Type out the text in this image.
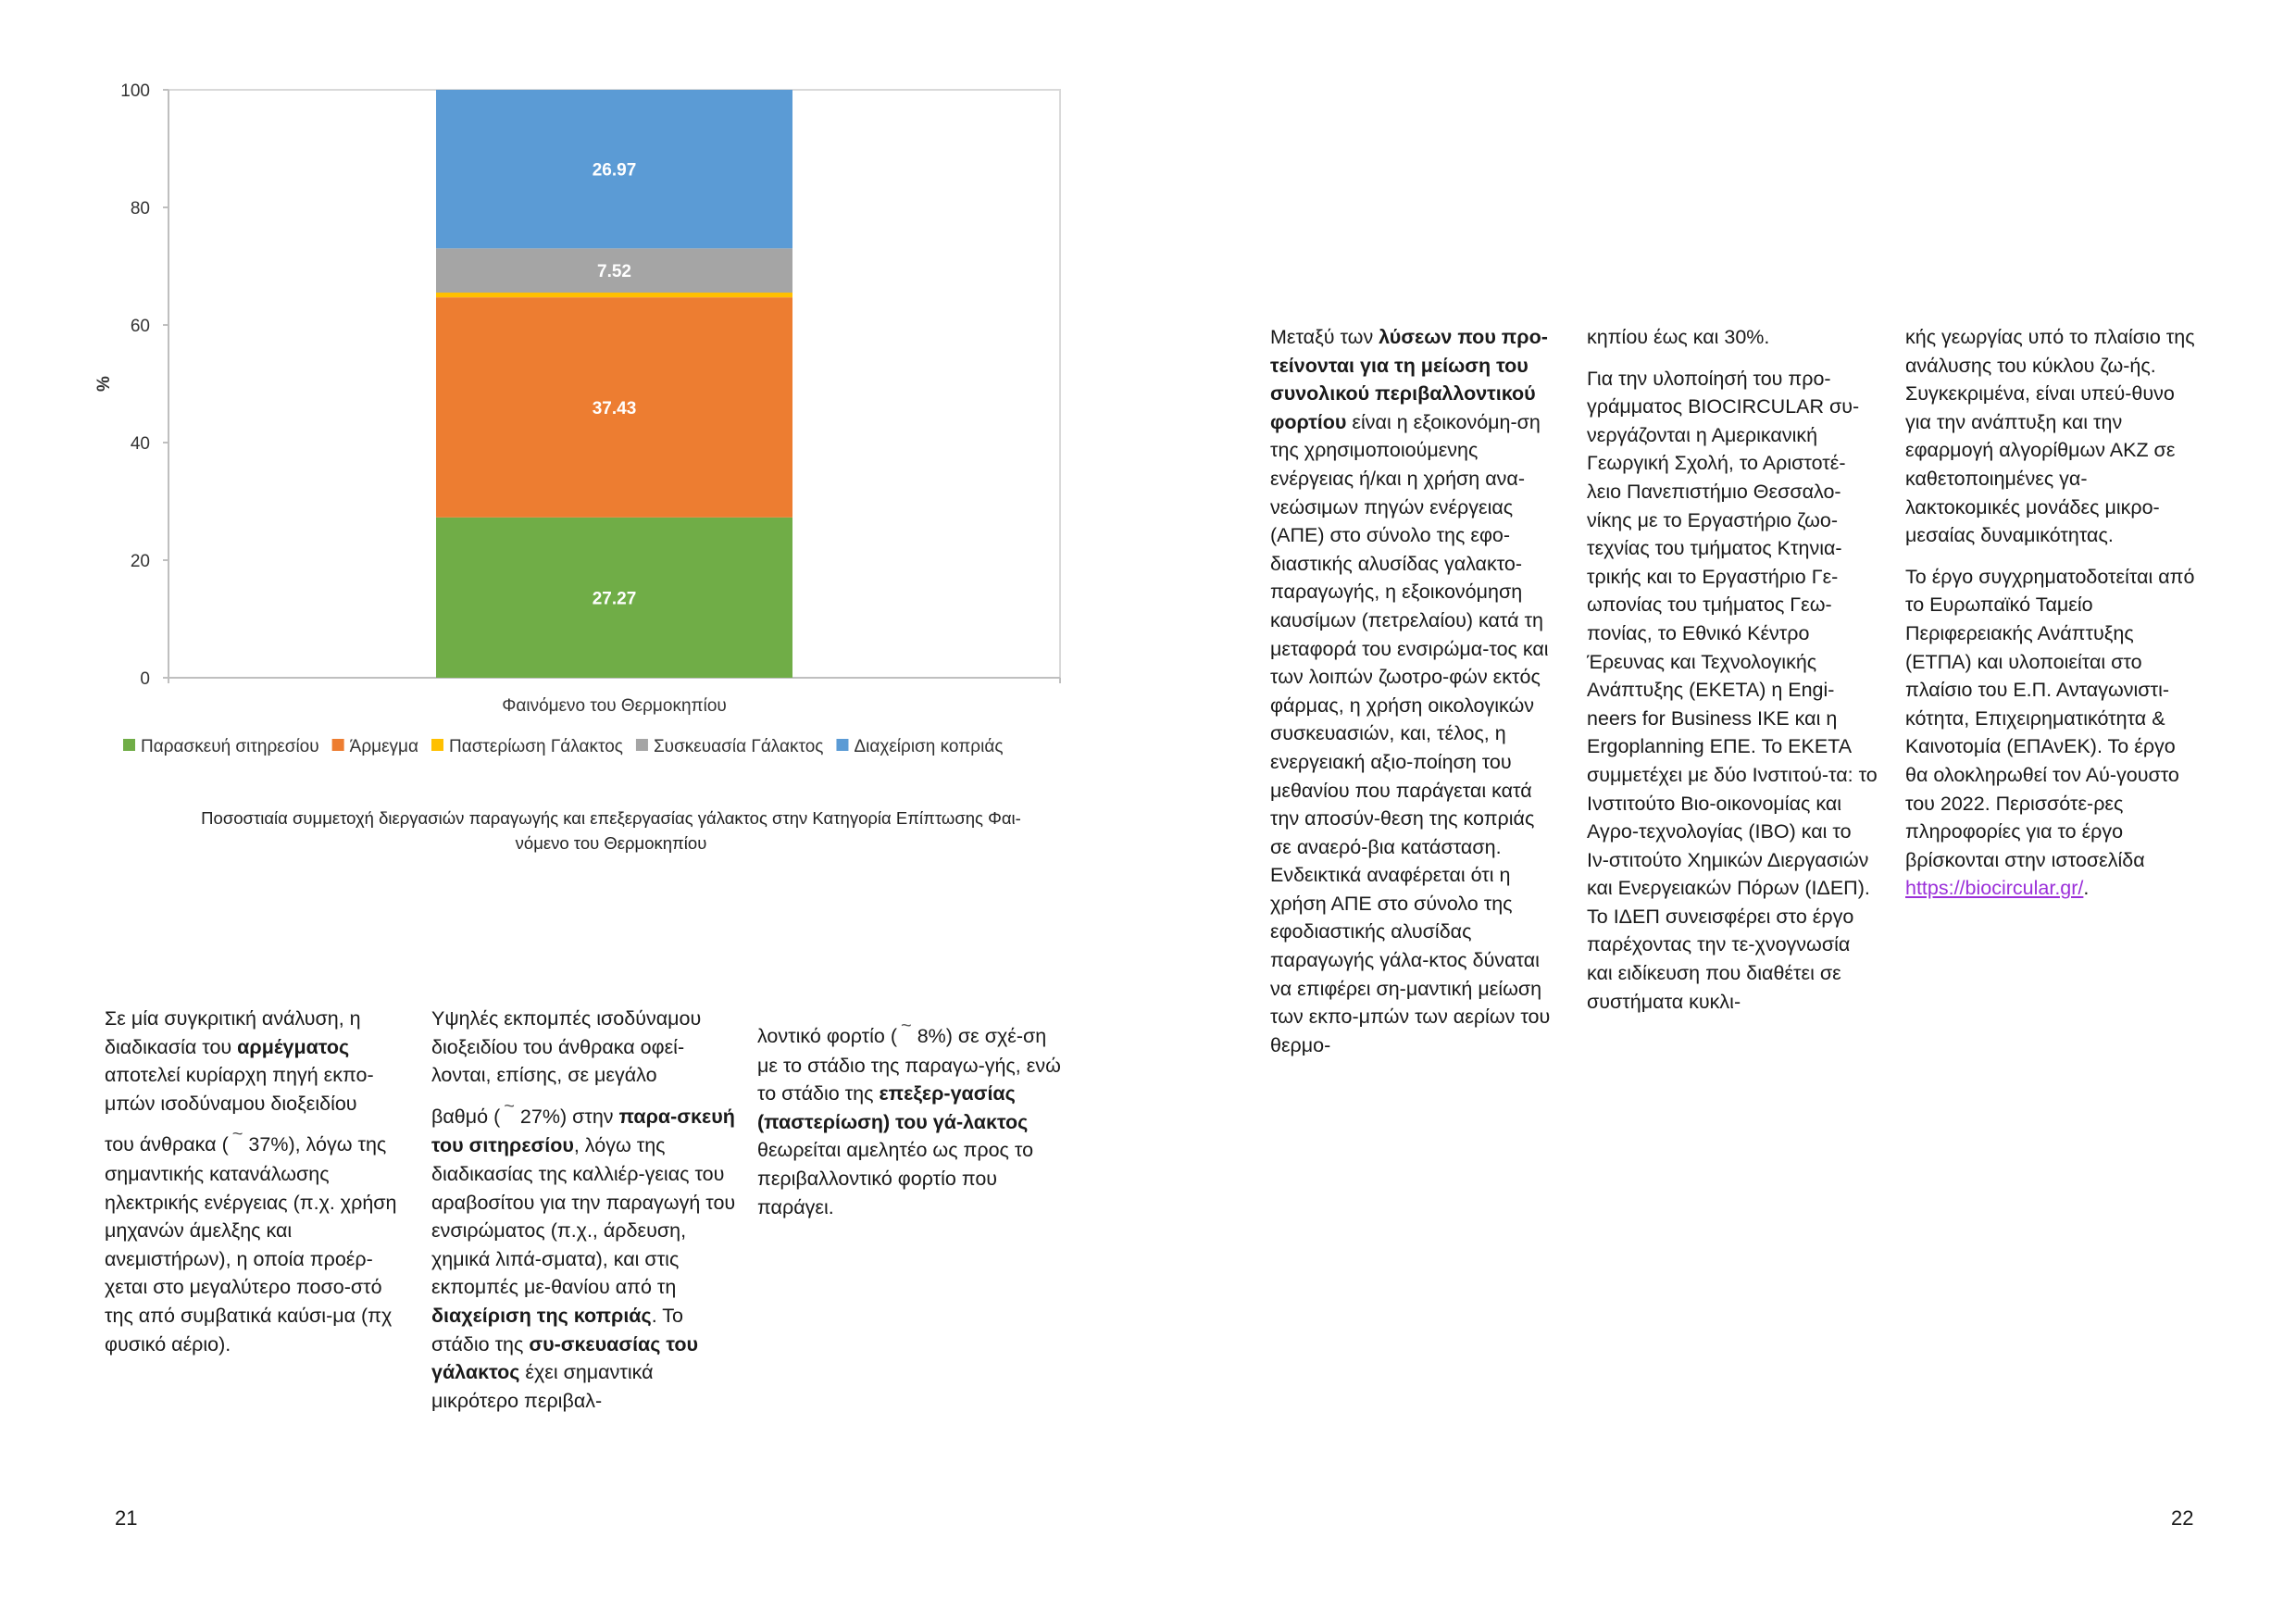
0
20
40
60
80
100
27.27
37.43
7.52
26.97
%
Φαινόμενο του Θερμοκηπίου
Παρασκευή σιτηρεσίου Άρμεγμα Παστερίωση Γάλακτος Συσκευασία Γάλακτος Διαχείριση κοπριάς
Ποσοστιαία συμμετοχή διεργασιών παραγωγής και επεξεργασίας γάλακτος στην Κατηγορία Επίπτωσης Φαι-
νόμενο του Θερμοκηπίου

Σε μία συγκριτική ανάλυση, η διαδικασία του αρμέγματος αποτελεί κυρίαρχη πηγή εκπο-μπών ισοδύναμου διοξειδίου

του άνθρακα ( ~ 37%), λόγω της σημαντικής κατανάλωσης ηλεκτρικής ενέργειας (π.χ. χρήση μηχανών άμελξης και ανεμιστήρων), η οποία προέρ-χεται στο μεγαλύτερο ποσο-στό της από συμβατικά καύσι-μα (πχ φυσικό αέριο).

Υψηλές εκπομπές ισοδύναμου διοξειδίου του άνθρακα οφεί-λονται, επίσης, σε μεγάλο

βαθμό ( ~ 27%) στην παρα-σκευή του σιτηρεσίου, λόγω της διαδικασίας της καλλιέρ-γειας του αραβοσίτου για την παραγωγή του ενσιρώματος (π.χ., άρδευση, χημικά λιπά-σματα), και στις εκπομπές με-θανίου από τη διαχείριση της κοπριάς. Το στάδιο της συ-σκευασίας του γάλακτος έχει σημαντικά μικρότερο περιβαλ-

λοντικό φορτίο ( ~ 8%) σε σχέ-ση με το στάδιο της παραγω-γής, ενώ το στάδιο της επεξερ-γασίας (παστερίωση) του γά-λακτος θεωρείται αμελητέο ως προς το περιβαλλοντικό φορτίο που παράγει.

21

Μεταξύ των λύσεων που προ-τείνονται για τη μείωση του συνολικού περιβαλλοντικού φορτίου είναι η εξοικονόμη-ση της χρησιμοποιούμενης ενέργειας ή/και η χρήση ανα-νεώσιμων πηγών ενέργειας (ΑΠΕ) στο σύνολο της εφο-διαστικής αλυσίδας γαλακτο-παραγωγής, η εξοικονόμηση καυσίμων (πετρελαίου) κατά τη μεταφορά του ενσιρώμα-τος και των λοιπών ζωοτρο-φών εκτός φάρμας, η χρήση οικολογικών συσκευασιών, και, τέλος, η ενεργειακή αξιο-ποίηση του μεθανίου που παράγεται κατά την αποσύν-θεση της κοπριάς σε αναερό-βια κατάσταση. Ενδεικτικά αναφέρεται ότι η χρήση ΑΠΕ στο σύνολο της εφοδιαστικής αλυσίδας παραγωγής γάλα-κτος δύναται να επιφέρει ση-μαντική μείωση των εκπο-μπών των αερίων του θερμο-

κηπίου έως και 30%.

Για την υλοποίησή του προ-γράμματος BIOCIRCULAR συ-νεργάζονται η Αμερικανική Γεωργική Σχολή, το Αριστοτέ-λειο Πανεπιστήμιο Θεσσαλο-νίκης με το Εργαστήριο ζωο-τεχνίας του τμήματος Κτηνια-τρικής και το Εργαστήριο Γε-ωπονίας του τμήματος Γεω-πονίας, το Εθνικό Κέντρο Έρευνας και Τεχνολογικής Ανάπτυξης (ΕΚΕΤΑ) η Engi-neers for Business IKE και η Ergoplanning ΕΠΕ. Το ΕΚΕΤΑ συμμετέχει με δύο Ινστιτού-τα: το Ινστιτούτο Βιο-οικονομίας και Αγρο-τεχνολογίας (ΙΒΟ) και το Ιν-στιτούτο Χημικών Διεργασιών και Ενεργειακών Πόρων (ΙΔΕΠ). Το ΙΔΕΠ συνεισφέρει στο έργο παρέχοντας την τε-χνογνωσία και ειδίκευση που διαθέτει σε συστήματα κυκλι-

κής γεωργίας υπό το πλαίσιο της ανάλυσης του κύκλου ζω-ής. Συγκεκριμένα, είναι υπεύ-θυνο για την ανάπτυξη και την εφαρμογή αλγορίθμων ΑΚΖ σε καθετοποιημένες γα-λακτοκομικές μονάδες μικρο-μεσαίας δυναμικότητας.

Το έργο συγχρηματοδοτείται από το Ευρωπαϊκό Ταμείο Περιφερειακής Ανάπτυξης (ΕΤΠΑ) και υλοποιείται στο πλαίσιο του Ε.Π. Ανταγωνιστι-κότητα, Επιχειρηματικότητα & Καινοτομία (ΕΠΑνΕΚ). Το έργο θα ολοκληρωθεί τον Αύ-γουστο του 2022. Περισσότε-ρες πληροφορίες για το έργο βρίσκονται στην ιστοσελίδα https://biocircular.gr/.

22
